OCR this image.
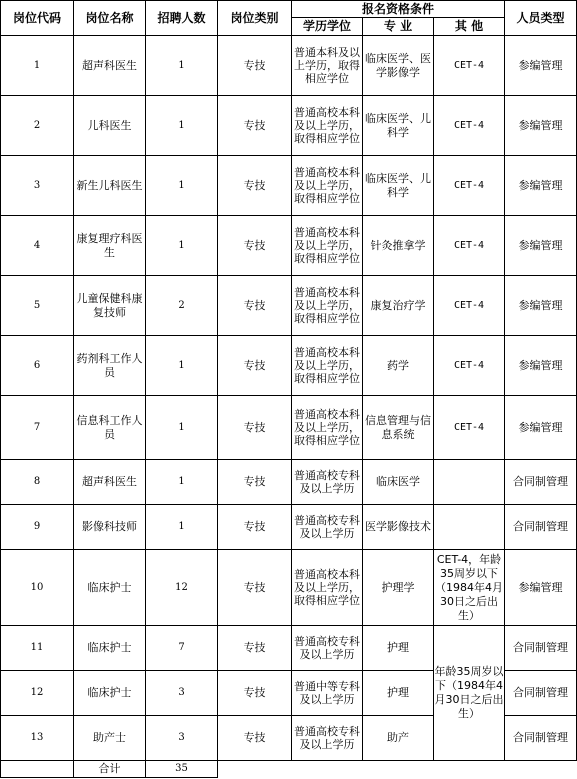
岗位代码	岗位名称	招聘人数	岗位类别	报名资格条件			人员类型
				学历学位	专 业	其 他	
1	超声科医生	1	专技	普通本科及以上学历，取得相应学位	临床医学、医学影像学	CET-4	参编管理
2	儿科医生	1	专技	普通高校本科及以上学历，取得相应学位	临床医学、儿科学	CET-4	参编管理
3	新生儿科医生	1	专技	普通高校本科及以上学历，取得相应学位	临床医学、儿科学	CET-4	参编管理
4	康复理疗科医生	1	专技	普通高校本科及以上学历，取得相应学位	针灸推拿学	CET-4	参编管理
5	儿童保健科康复技师	2	专技	普通高校本科及以上学历，取得相应学位	康复治疗学	CET-4	参编管理
6	药剂科工作人员	1	专技	普通高校本科及以上学历，取得相应学位	药学	CET-4	参编管理
7	信息科工作人员	1	专技	普通高校本科及以上学历，取得相应学位	信息管理与信息系统	CET-4	参编管理
8	超声科医生	1	专技	普通高校专科及以上学历	临床医学		合同制管理
9	影像科技师	1	专技	普通高校专科及以上学历	医学影像技术		合同制管理
10	临床护士	12	专技	普通高校本科及以上学历，取得相应学位	护理学	CET-4，年龄35周岁以下（1984年4月30日之后出生）	参编管理
11	临床护士	7	专技	普通高校专科及以上学历	护理	年龄35周岁以下（1984年4月30日之后出生）	合同制管理
12	临床护士	3	专技	普通中等专科及以上学历	护理		合同制管理
13	助产士	3	专技	普通高校专科及以上学历	助产		合同制管理
	合计	35					
